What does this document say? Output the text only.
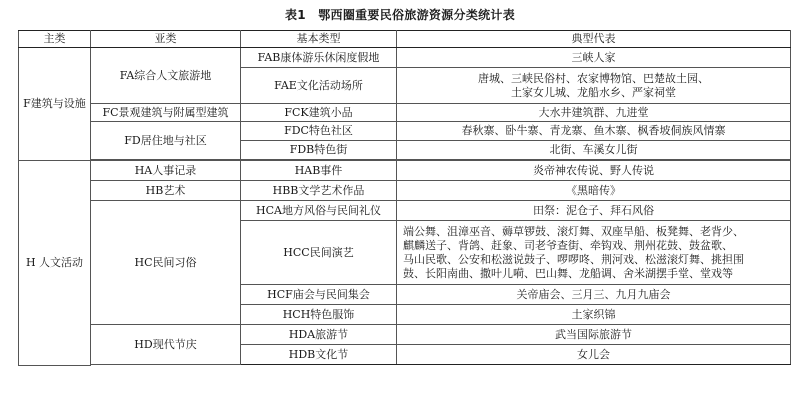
表1　鄂西圈重要民俗旅游资源分类统计表
主类	亚类	基本类型	典型代表
F建筑与设施	FA综合人文旅游地	FAB康体游乐休闲度假地	三峡人家
		FAE文化活动场所	唐城、三峡民俗村、农家博物馆、巴楚故土园、
土家女儿城、龙船水乡、严家祠堂

	FC景观建筑与附属型建筑	FCK建筑小品	大水井建筑群、九进堂
	FD居住地与社区	FDC特色社区	春秋寨、卧牛寨、青龙寨、鱼木寨、枫香坡侗族风情寨
		FDB特色街	北街、车溪女儿街

H 人文活动	HA人事记录	HAB事件	炎帝神农传说、野人传说
	HB艺术	HBB文学艺术作品	《黑暗传》
	HC民间习俗	HCA地方风俗与民间礼仪	田祭：泥仓子、拜石风俗
		HCC民间演艺	端公舞、沮漳巫音、薅草锣鼓、滚灯舞、双座旱船、板凳舞、老背少、
麒麟送子、背鸽、赶象、司老爷查街、牵钩戏、荆州花鼓、鼓盆歌、
马山民歌、公安和松滋说鼓子、啰啰咚、荆河戏、松滋滚灯舞、挑担围
鼓、长阳南曲、撒叶儿嗬、巴山舞、龙船调、舍米湖摆手堂、堂戏等

		HCF庙会与民间集会	关帝庙会、三月三、九月九庙会
		HCH特色服饰	土家织锦
	HD现代节庆	HDA旅游节	武当国际旅游节
		HDB文化节	女儿会
